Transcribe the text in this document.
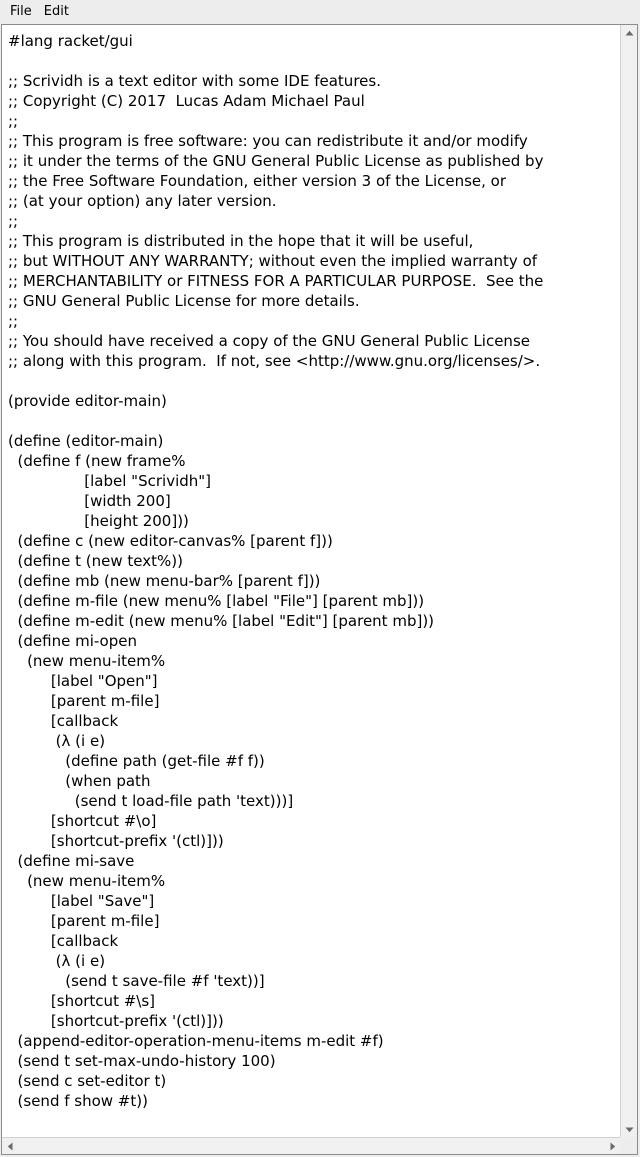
File Edit
#lang racket/gui
;; Scrividh is a text editor with some IDE features.
;; Copyright (C) 2017  Lucas Adam Michael Paul
;;
;; This program is free software: you can redistribute it and/or modify
;; it under the terms of the GNU General Public License as published by
;; the Free Software Foundation, either version 3 of the License, or
;; (at your option) any later version.
;;
;; This program is distributed in the hope that it will be useful,
;; but WITHOUT ANY WARRANTY; without even the implied warranty of
;; MERCHANTABILITY or FITNESS FOR A PARTICULAR PURPOSE.  See the
;; GNU General Public License for more details.
;;
;; You should have received a copy of the GNU General Public License
;; along with this program.  If not, see <http://www.gnu.org/licenses/>.
(provide editor-main)
(define (editor-main)
(define f (new frame%
[label "Scrividh"]
[width 200]
[height 200]))
(define c (new editor-canvas% [parent f]))
(define t (new text%))
(define mb (new menu-bar% [parent f]))
(define m-file (new menu% [label "File"] [parent mb]))
(define m-edit (new menu% [label "Edit"] [parent mb]))
(define mi-open
(new menu-item%
[label "Open"]
[parent m-file]
[callback
(λ (i e)
(define path (get-file #f f))
(when path
(send t load-file path 'text)))]
[shortcut #\o]
[shortcut-prefix '(ctl)]))
(define mi-save
(new menu-item%
[label "Save"]
[parent m-file]
[callback
(λ (i e)
(send t save-file #f 'text))]
[shortcut #\s]
[shortcut-prefix '(ctl)]))
(append-editor-operation-menu-items m-edit #f)
(send t set-max-undo-history 100)
(send c set-editor t)
(send f show #t))
